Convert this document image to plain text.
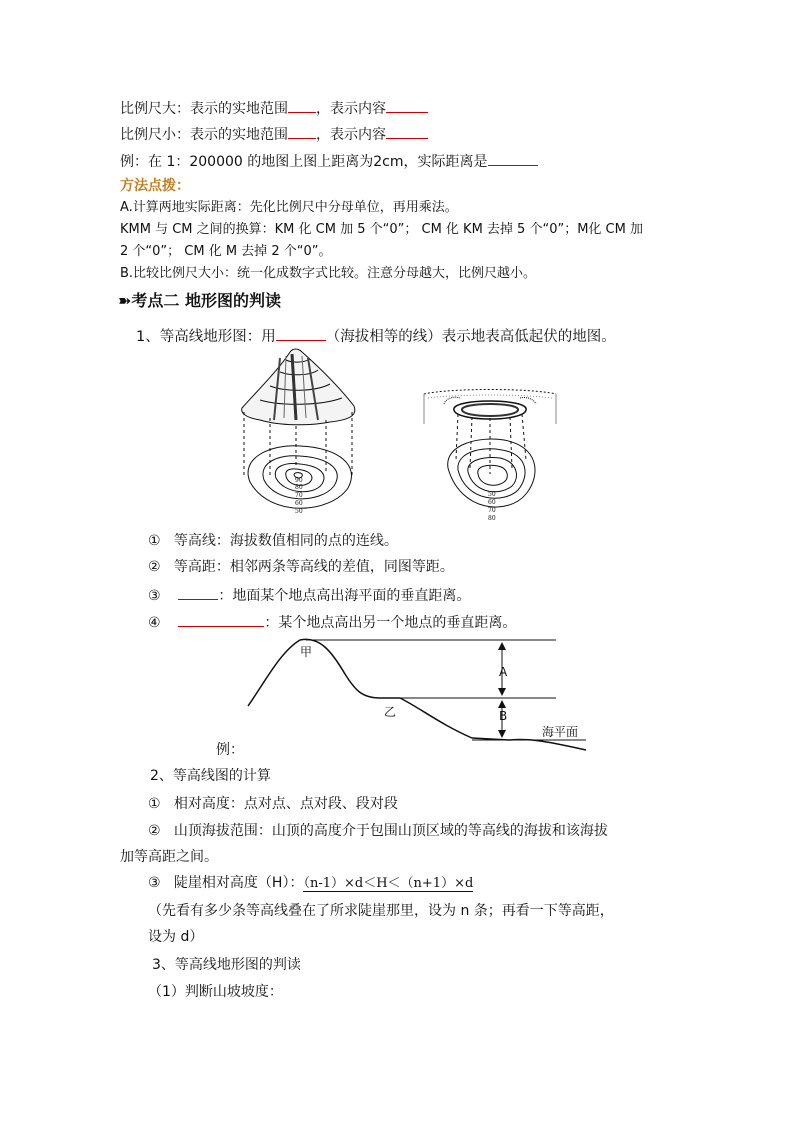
比例尺大：表示的实地范围 ，表示内容
比例尺小：表示的实地范围 ，表示内容
例：在 1：200000 的地图上图上距离为2cm，实际距离是
方法点拨：
A.计算两地实际距离：先化比例尺中分母单位，再用乘法。
KMM 与 CM 之间的换算：KM 化 CM 加 5 个“0”； CM 化 KM 去掉 5 个“0”；M化 CM 加
2 个“0”； CM 化 M 去掉 2 个“0”。
B.比较比例尺大小：统一化成数字式比较。注意分母越大，比例尺越小。
➽考点二 地形图的判读
1、等高线地形图：用	（海拔相等的线）表示地表高低起伏的地图。
90
80
70
60
50
50
60
70
80
① 等高线：海拔数值相同的点的连线。
② 等高距：相邻两条等高线的差值，同图等距。
③	：地面某个地点高出海平面的垂直距离。
④	：某个地点高出另一个地点的垂直距离。
甲
乙
A
B
海平面
例：
2、等高线图的计算
① 相对高度：点对点、点对段、段对段
② 山顶海拔范围：山顶的高度介于包围山顶区域的等高线的海拔和该海拔
加等高距之间。
③ 陡崖相对高度（H）：（n-1）×d＜H＜（n+1）×d
（先看有多少条等高线叠在了所求陡崖那里，设为 n 条；再看一下等高距，
设为 d）
3、等高线地形图的判读
（1）判断山坡坡度：
